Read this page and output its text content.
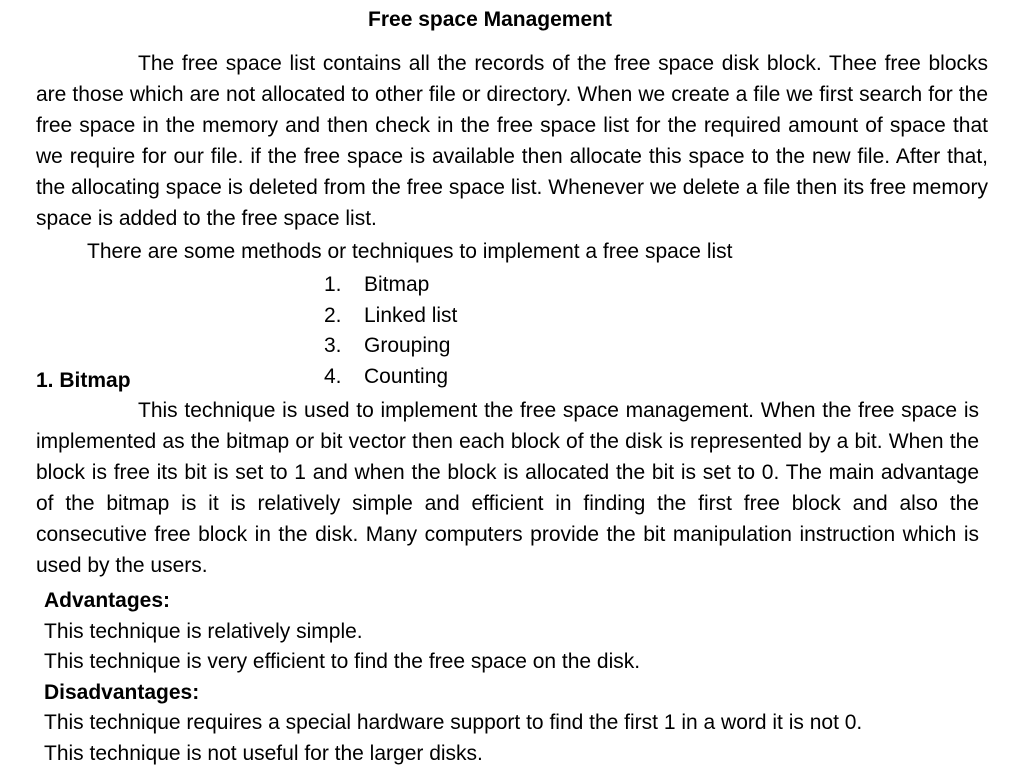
Free space Management

The free space list contains all the records of the free space disk block. Thee free blocks are those which are not allocated to other file or directory. When we create a file we first search for the free space in the memory and then check in the free space list for the required amount of space that we require for our file. if the free space is available then allocate this space to the new file. After that, the allocating space is deleted from the free space list. Whenever we delete a file then its free memory space is added to the free space list.

There are some methods or techniques to implement a free space list
1. Bitmap
2. Linked list
3. Grouping
4. Counting
1. Bitmap

This technique is used to implement the free space management. When the free space is implemented as the bitmap or bit vector then each block of the disk is represented by a bit. When the block is free its bit is set to 1 and when the block is allocated the bit is set to 0. The main advantage of the bitmap is it is relatively simple and efficient in finding the first free block and also the consecutive free block in the disk. Many computers provide the bit manipulation instruction which is used by the users.

Advantages:
This technique is relatively simple.
This technique is very efficient to find the free space on the disk.
Disadvantages:
This technique requires a special hardware support to find the first 1 in a word it is not 0.
This technique is not useful for the larger disks.
